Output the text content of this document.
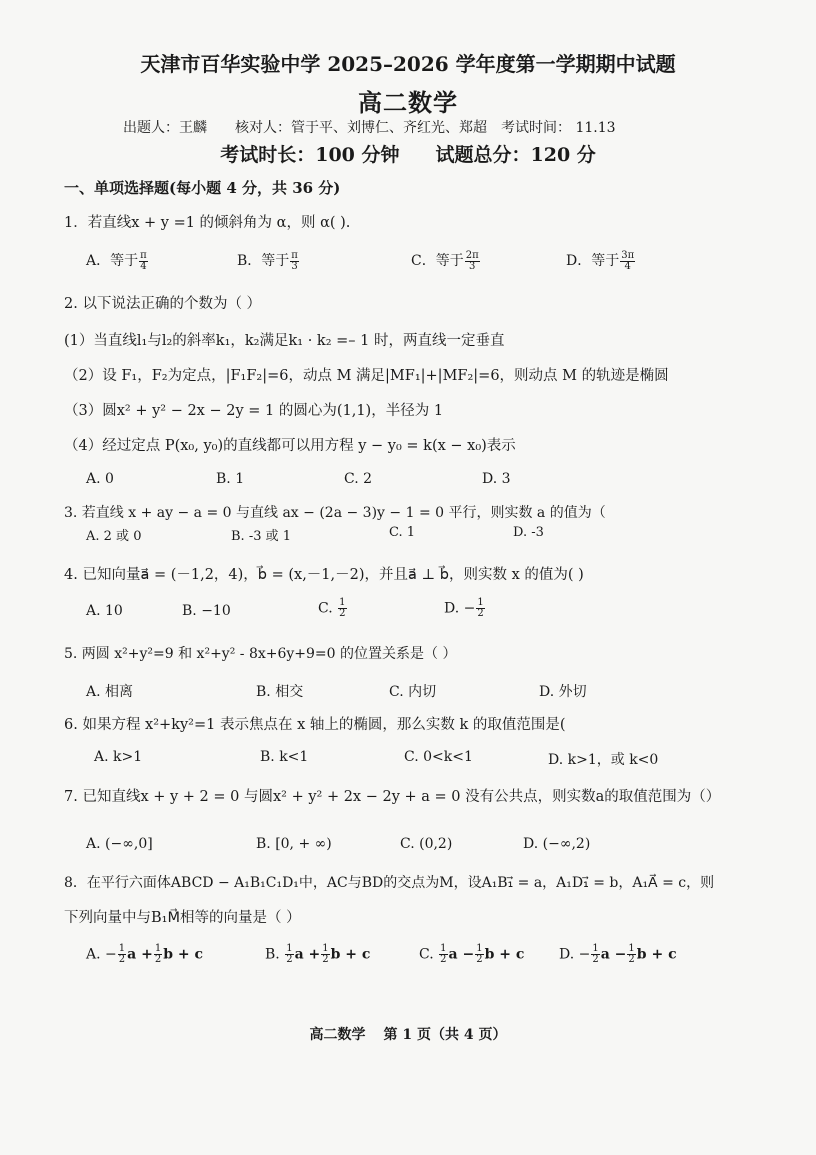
天津市百华实验中学 2025–2026 学年度第一学期期中试题
高二数学
出题人：王麟 核对人：管于平、刘博仁、齐红光、郑超 考试时间： 11.13
考试时长：100 分钟 试题总分：120 分
一、单项选择题(每小题 4 分，共 36 分)
1．若直线x + y =1 的倾斜角为 α，则 α( ).
A．等于 $\frac{\pi}{4}$	B．等于 $\frac{\pi}{3}$	C．等于 $\frac{2\pi}{3}$	D．等于 $\frac{3\pi}{4}$
2. 以下说法正确的个数为（ ）
(1）当直线l₁与l₂的斜率k₁，k₂满足k₁ · k₂ =– 1 时，两直线一定垂直
（2）设 F₁，F₂为定点，|F₁F₂|=6，动点 M 满足|MF₁|+|MF₂|=6，则动点 M 的轨迹是椭圆
（3）圆x² + y² − 2x − 2y = 1 的圆心为(1,1)，半径为 1
（4）经过定点 P(x₀, y₀)的直线都可以用方程 y − y₀ = k(x − x₀)表示
A. 0	B. 1	C. 2	D. 3
3. 若直线 x + ay − a = 0 与直线 ax − (2a − 3)y − 1 = 0 平行，则实数 a 的值为（
A. 2 或 0	B. -3 或 1	C. 1	D. -3
4. 已知向量a⃗ = (－1,2，4)，b⃗ = (x,－1,－2)，并且a⃗ ⊥ b⃗，则实数 x 的值为( )
A. 10	B. −10	C. $\frac{1}{2}$	D. − $\frac{1}{2}$
5. 两圆 x²+y²=9 和 x²+y² - 8x+6y+9=0 的位置关系是（ ）
A. 相离	B. 相交	C. 内切	D. 外切
6. 如果方程 x²+ky²=1 表示焦点在 x 轴上的椭圆，那么实数 k 的取值范围是(
A. k>1	B. k<1	C. 0<k<1	D. k>1，或 k<0
7. 已知直线x + y + 2 = 0 与圆x² + y² + 2x − 2y + a = 0 没有公共点，则实数a的取值范围为（）
A. (−∞,0]	B. [0, + ∞)	C. (0,2)	D. (−∞,2)
8．在平行六面体ABCD − A₁B₁C₁D₁中，AC与BD的交点为M，设A₁B₁⃗ = a，A₁D₁⃗ = b，A₁A⃗ = c，则
下列向量中与B₁M⃗相等的向量是（ ）
A. − $\frac{1}{2}$ $a + \frac{1}{2}$ b + c	B. $\frac{1}{2}$ $a + \frac{1}{2}$ b + c	C. $\frac{1}{2}$ $a - \frac{1}{2}$ b + c D. − $\frac{1}{2}$ $a - \frac{1}{2}$ b + c
高二数学 第 1 页（共 4 页）
